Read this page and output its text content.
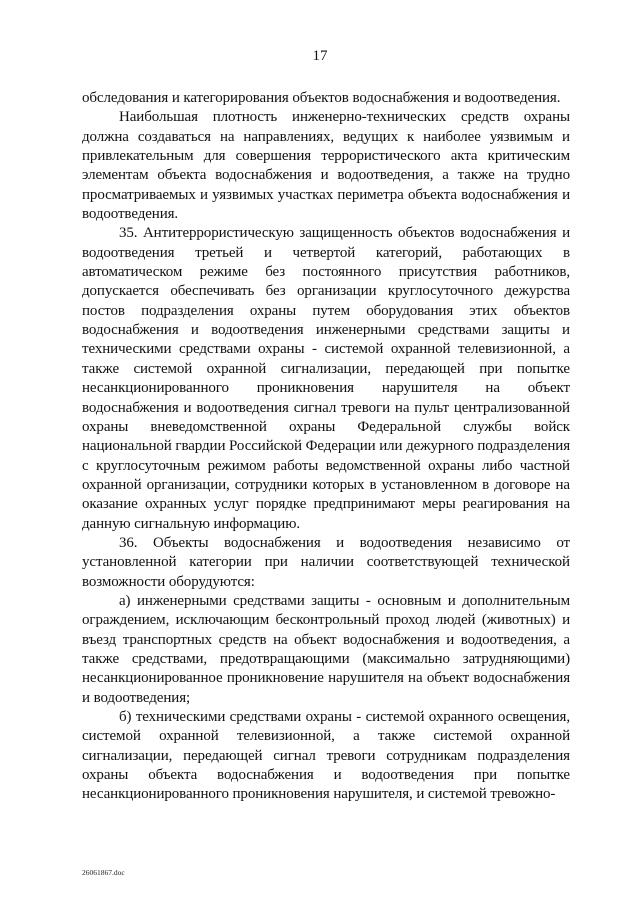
17

обследования и категорирования объектов водоснабжения и водоотведения.

Наибольшая плотность инженерно-технических средств охраны должна создаваться на направлениях, ведущих к наиболее уязвимым и привлекательным для совершения террористического акта критическим элементам объекта водоснабжения и водоотведения, а также на трудно просматриваемых и уязвимых участках периметра объекта водоснабжения и водоотведения.

35. Антитеррористическую защищенность объектов водоснабжения и водоотведения третьей и четвертой категорий, работающих в автоматическом режиме без постоянного присутствия работников, допускается обеспечивать без организации круглосуточного дежурства постов подразделения охраны путем оборудования этих объектов водоснабжения и водоотведения инженерными средствами защиты и техническими средствами охраны - системой охранной телевизионной, а также системой охранной сигнализации, передающей при попытке несанкционированного проникновения нарушителя на объект водоснабжения и водоотведения сигнал тревоги на пульт централизованной охраны вневедомственной охраны Федеральной службы войск национальной гвардии Российской Федерации или дежурного подразделения с круглосуточным режимом работы ведомственной охраны либо частной охранной организации, сотрудники которых в установленном в договоре на оказание охранных услуг порядке предпринимают меры реагирования на данную сигнальную информацию.

36. Объекты водоснабжения и водоотведения независимо от установленной категории при наличии соответствующей технической возможности оборудуются:

а) инженерными средствами защиты - основным и дополнительным ограждением, исключающим бесконтрольный проход людей (животных) и въезд транспортных средств на объект водоснабжения и водоотведения, а также средствами, предотвращающими (максимально затрудняющими) несанкционированное проникновение нарушителя на объект водоснабжения и водоотведения;

б) техническими средствами охраны - системой охранного освещения, системой охранной телевизионной, а также системой охранной сигнализации, передающей сигнал тревоги сотрудникам подразделения охраны объекта водоснабжения и водоотведения при попытке несанкционированного проникновения нарушителя, и системой тревожно-

26061867.doc
